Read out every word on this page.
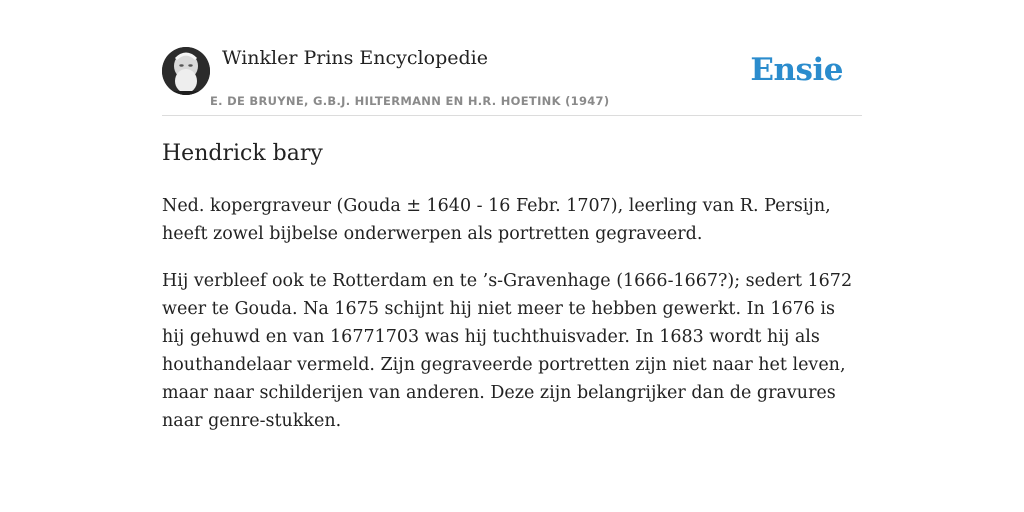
Winkler Prins Encyclopedie
E. DE BRUYNE, G.B.J. HILTERMANN EN H.R. HOETINK (1947)
Ensie
Hendrick bary

Ned. kopergraveur (Gouda ± 1640 - 16 Febr. 1707), leerling van R. Persijn, heeft zowel bijbelse onderwerpen als portretten gegraveerd.

Hij verbleef ook te Rotterdam en te ’s-Gravenhage (1666-1667?); sedert 1672 weer te Gouda. Na 1675 schijnt hij niet meer te hebben gewerkt. In 1676 is hij gehuwd en van 16771703 was hij tuchthuisvader. In 1683 wordt hij als houthandelaar vermeld. Zijn gegraveerde portretten zijn niet naar het leven, maar naar schilderijen van anderen. Deze zijn belangrijker dan de gravures naar genre-stukken.
